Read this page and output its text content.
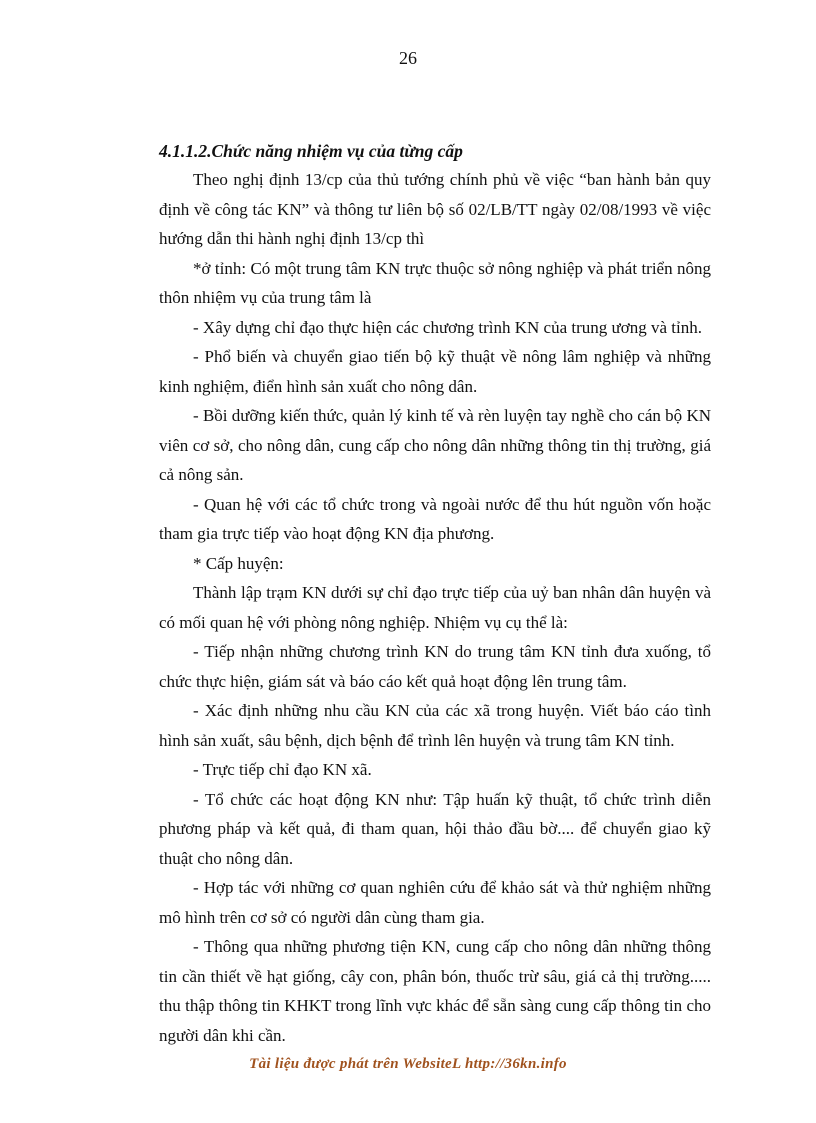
26

4.1.1.2.Chức năng nhiệm vụ của từng cấp

Theo nghị định 13/cp của thủ tướng chính phủ về việc “ban hành bản quy định về công tác KN” và thông tư liên bộ số 02/LB/TT ngày 02/08/1993 về việc hướng dẫn thi hành nghị định 13/cp thì

*ở tỉnh: Có một trung tâm KN trực thuộc sở nông nghiệp và phát triển nông thôn nhiệm vụ của trung tâm là

- Xây dựng chỉ đạo thực hiện các chương trình KN của trung ương và tỉnh.

- Phổ biến và chuyển giao tiến bộ kỹ thuật về nông lâm nghiệp và những kinh nghiệm, điển hình sản xuất cho nông dân.

- Bồi dưỡng kiến thức, quản lý kinh tế và rèn luyện tay nghề cho cán bộ KN viên cơ sở, cho nông dân, cung cấp cho nông dân những thông tin thị trường, giá cả nông sản.

- Quan hệ với các tổ chức trong và ngoài nước để thu hút nguồn vốn hoặc tham gia trực tiếp vào hoạt động KN địa phương.

* Cấp huyện:

Thành lập trạm KN dưới sự chỉ đạo trực tiếp của uỷ ban nhân dân huyện và có mối quan hệ với phòng nông nghiệp. Nhiệm vụ cụ thể là:

- Tiếp nhận những chương trình KN do trung tâm KN tỉnh đưa xuống, tổ chức thực hiện, giám sát và báo cáo kết quả hoạt động lên trung tâm.

- Xác định những nhu cầu KN của các xã trong huyện. Viết báo cáo tình hình sản xuất, sâu bệnh, dịch bệnh để trình lên huyện và trung tâm KN tỉnh.

- Trực tiếp chỉ đạo KN xã.

- Tổ chức các hoạt động KN như: Tập huấn kỹ thuật, tổ chức trình diễn phương pháp và kết quả, đi tham quan, hội thảo đầu bờ.... để chuyển giao kỹ thuật cho nông dân.

- Hợp tác với những cơ quan nghiên cứu để khảo sát và thử nghiệm những mô hình trên cơ sở có người dân cùng tham gia.

- Thông qua những phương tiện KN, cung cấp cho nông dân những thông tin cần thiết về hạt giống, cây con, phân bón, thuốc trừ sâu, giá cả thị trường..... thu thập thông tin KHKT trong lĩnh vực khác để sẵn sàng cung cấp thông tin cho người dân khi cần.

Tài liệu được phát trên WebsiteL http://36kn.info
